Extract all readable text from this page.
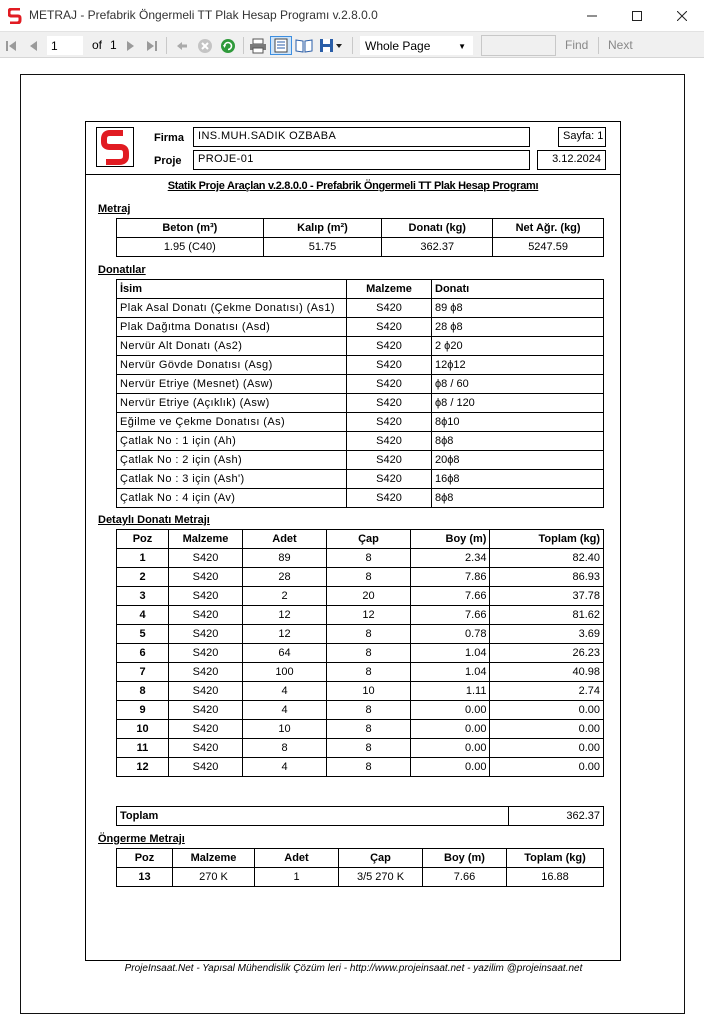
METRAJ - Prefabrik Öngermeli TT Plak Hesap Programı v.2.8.0.0
1
of 1	Whole Page	▼	Find Next
Firma	INS.MUH.SADIK OZBABA	Sayfa: 1
Proje	PROJE-01	3.12.2024
Statik Proje Araçlan v.2.8.0.0 - Prefabrik Öngermeli TT Plak Hesap Programı
Metraj
Beton (m³)	Kalıp (m²)	Donatı (kg)	Net Ağr. (kg)
1.95 (C40)	51.75	362.37	5247.59
Donatılar
İsim	Malzeme	Donatı
Plak Asal Donatı (Çekme Donatısı) (As1)	S420	89 ϕ8
Plak Dağıtma Donatısı (Asd)	S420	28 ϕ8
Nervür Alt Donatı (As2)	S420	2 ϕ20
Nervür Gövde Donatısı (Asg)	S420	12ϕ12
Nervür Etriye (Mesnet) (Asw)	S420	ϕ8 / 60
Nervür Etriye (Açıklık) (Asw)	S420	ϕ8 / 120
Eğilme ve Çekme Donatısı (As)	S420	8ϕ10
Çatlak No : 1 için (Ah)	S420	8ϕ8
Çatlak No : 2 için (Ash)	S420	20ϕ8
Çatlak No : 3 için (Ash')	S420	16ϕ8
Çatlak No : 4 için (Av)	S420	8ϕ8
Detaylı Donatı Metrajı
Poz	Malzeme	Adet	Çap	Boy (m)	Toplam (kg)
1	S420	89	8	2.34	82.40
2	S420	28	8	7.86	86.93
3	S420	2	20	7.66	37.78
4	S420	12	12	7.66	81.62
5	S420	12	8	0.78	3.69
6	S420	64	8	1.04	26.23
7	S420	100	8	1.04	40.98
8	S420	4	10	1.11	2.74
9	S420	4	8	0.00	0.00
10	S420	10	8	0.00	0.00
11	S420	8	8	0.00	0.00
12	S420	4	8	0.00	0.00
Toplam	362.37
Öngerme Metrajı
Poz	Malzeme	Adet	Çap	Boy (m)	Toplam (kg)
13	270 K	1	3/5 270 K	7.66	16.88
ProjeInsaat.Net - Yapısal Mühendislik Çözüm leri - http://www.projeinsaat.net - yazilim @projeinsaat.net
